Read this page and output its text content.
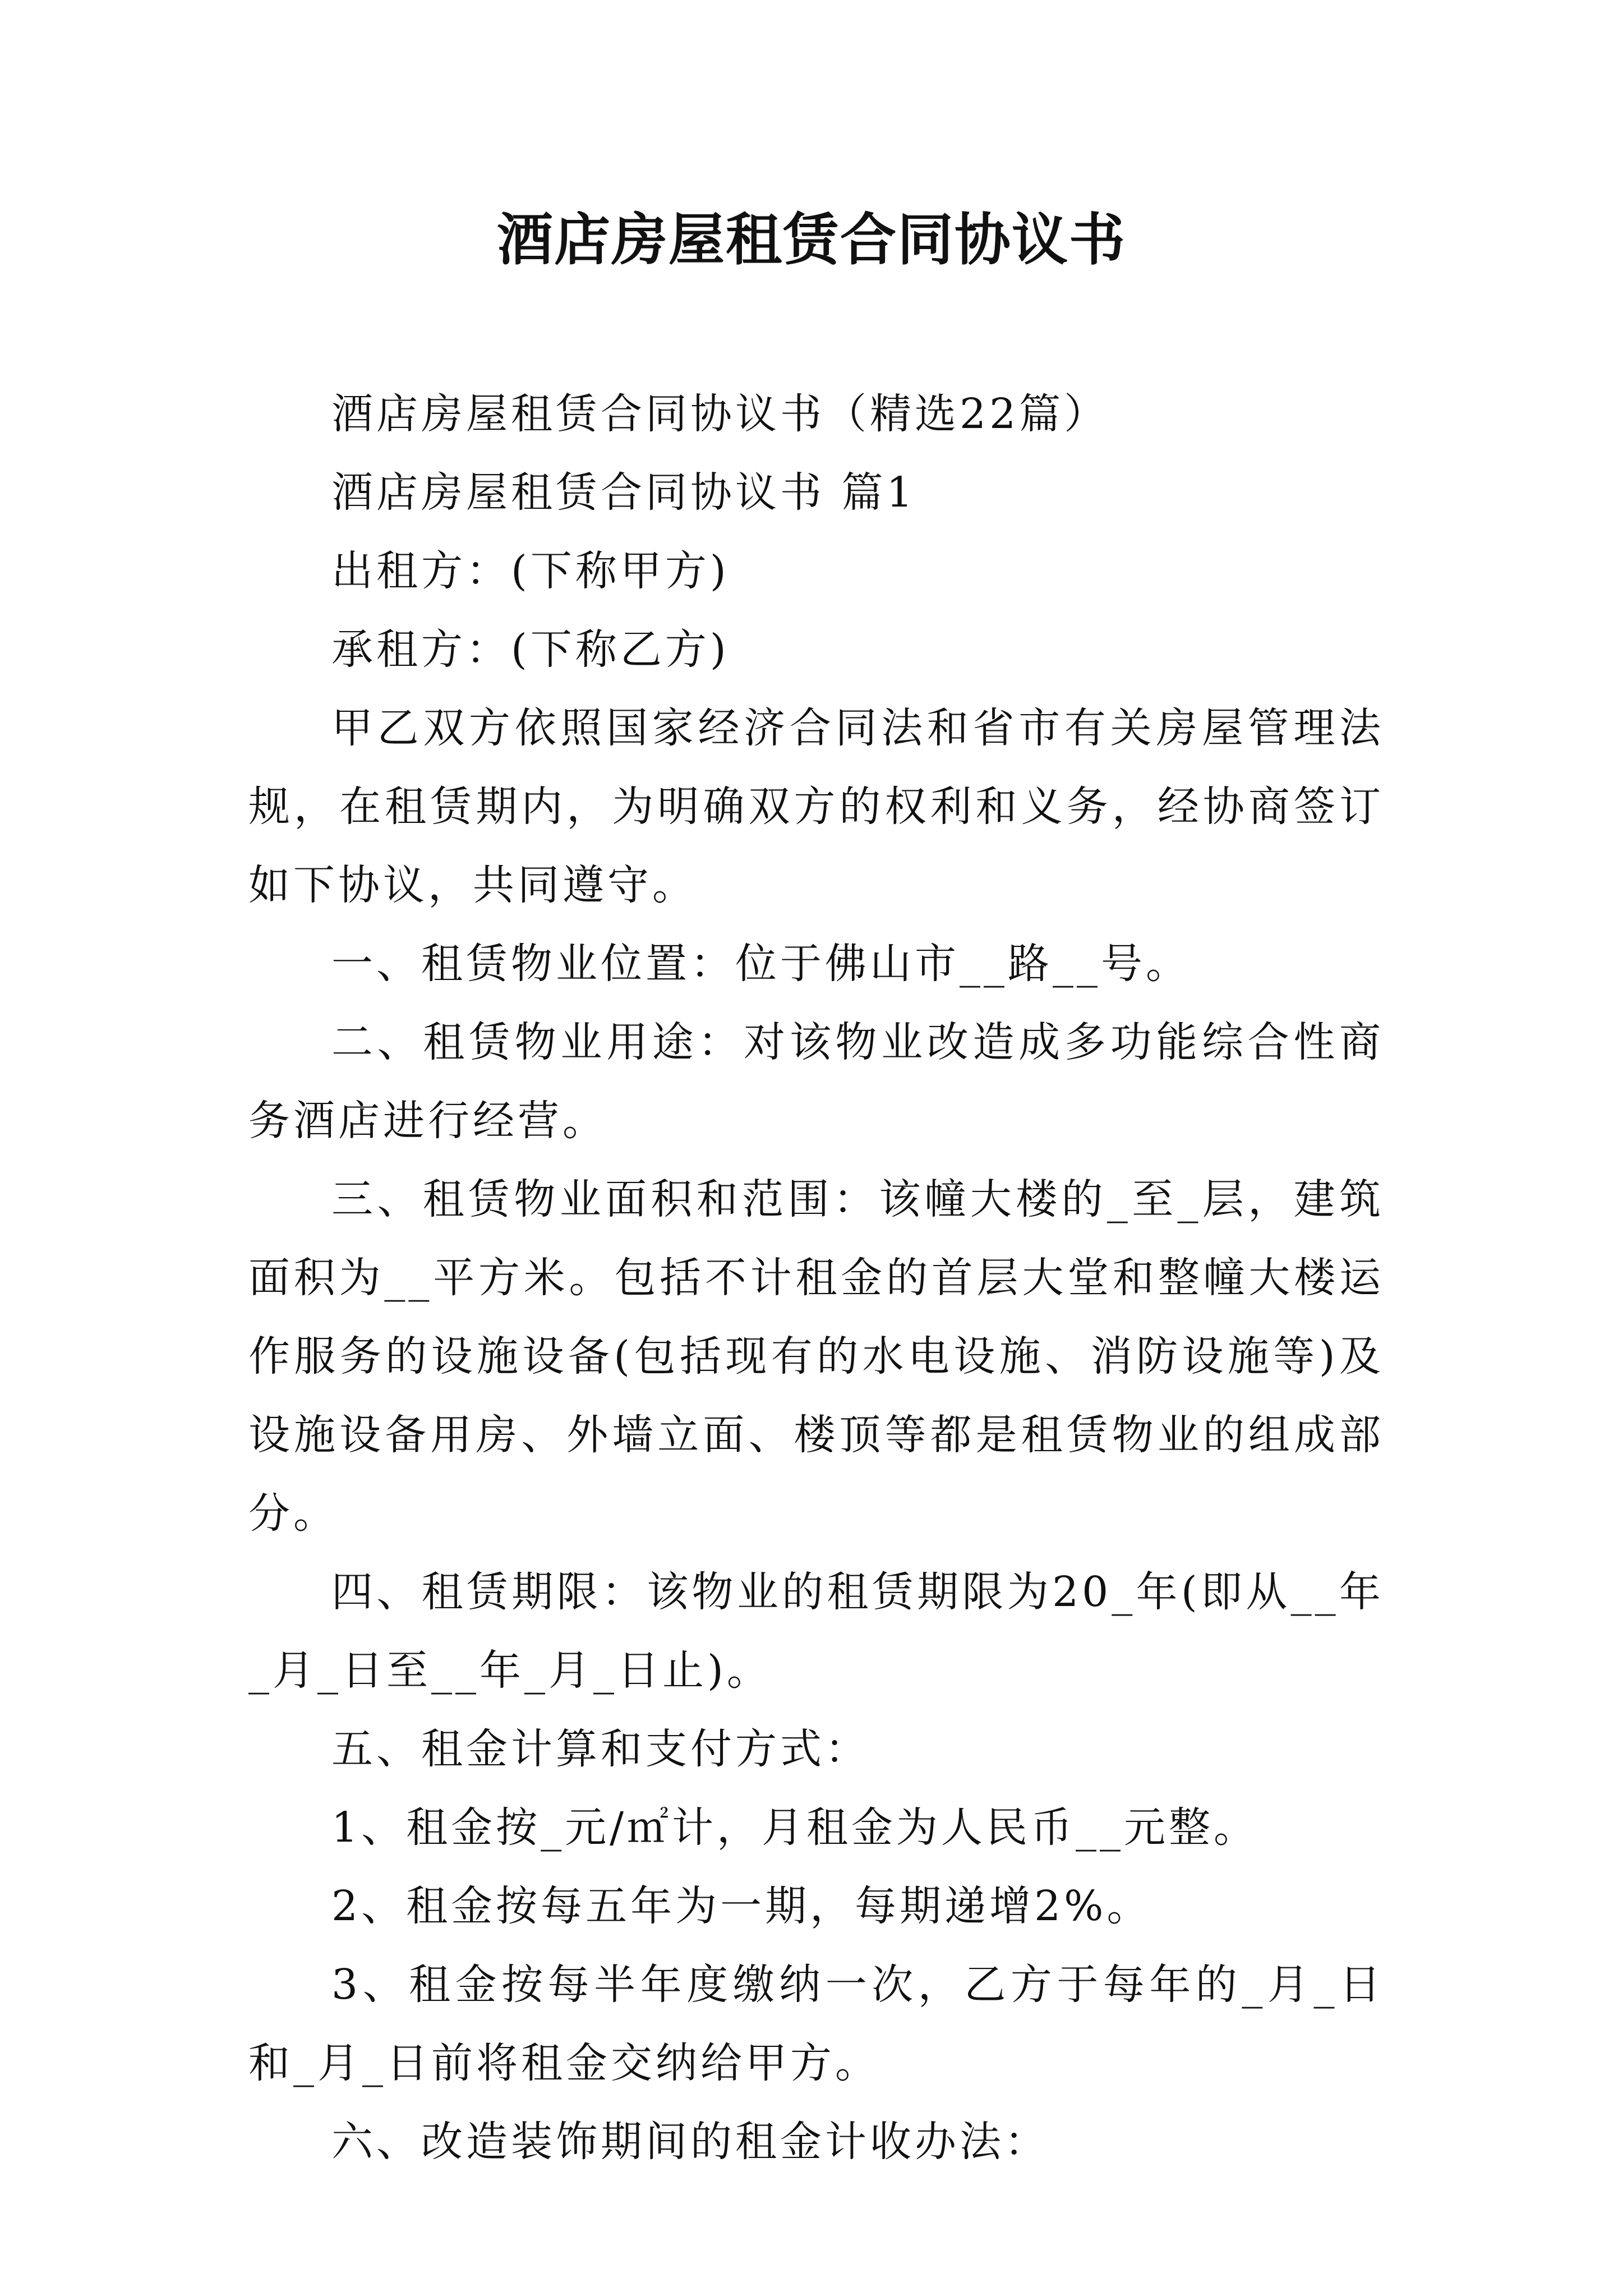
酒店房屋租赁合同协议书

酒店房屋租赁合同协议书（精选22篇）

酒店房屋租赁合同协议书 篇1

出租方：(下称甲方)

承租方：(下称乙方)

甲乙双方依照国家经济合同法和省市有关房屋管理法规，在租赁期内，为明确双方的权利和义务，经协商签订如下协议，共同遵守。

一、租赁物业位置：位于佛山市__路__号。

二、租赁物业用途：对该物业改造成多功能综合性商务酒店进行经营。

三、租赁物业面积和范围：该幢大楼的_至_层，建筑面积为__平方米。包括不计租金的首层大堂和整幢大楼运作服务的设施设备(包括现有的水电设施、消防设施等)及设施设备用房、外墙立面、楼顶等都是租赁物业的组成部分。

四、租赁期限：该物业的租赁期限为20_年(即从__年_月_日至__年_月_日止)。

五、租金计算和支付方式：

1、租金按_元/㎡计，月租金为人民币__元整。

2、租金按每五年为一期，每期递增2%。

3、租金按每半年度缴纳一次，乙方于每年的_月_日和_月_日前将租金交纳给甲方。

六、改造装饰期间的租金计收办法：
